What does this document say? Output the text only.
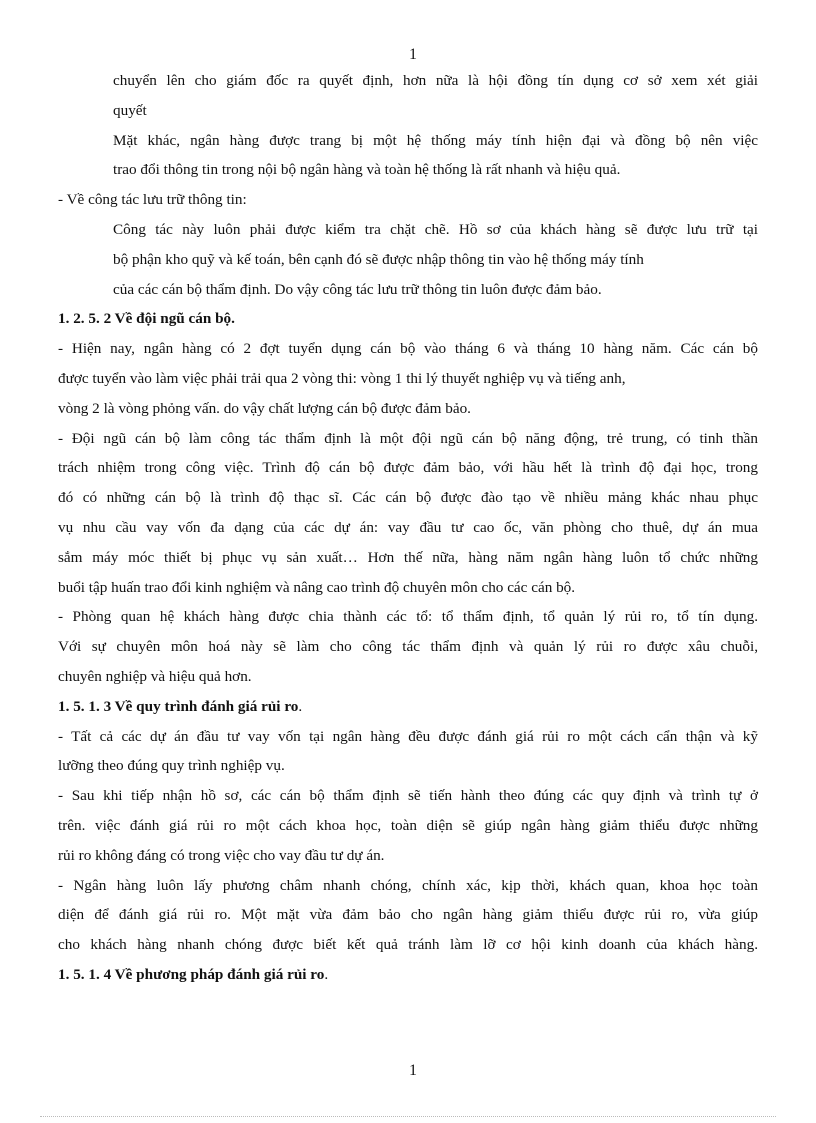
1
chuyển lên cho giám đốc ra quyết định, hơn nữa là hội đồng tín dụng cơ sở xem xét giải
quyết
Mặt khác, ngân hàng được trang bị một hệ thống máy tính hiện đại và đồng bộ nên việc
trao đổi thông tin trong nội bộ ngân hàng và toàn hệ thống là rất nhanh và hiệu quả.
- Về công tác lưu trữ thông tin:
Công tác này luôn phải được kiểm tra chặt chẽ. Hồ sơ của khách hàng sẽ được lưu trữ tại
bộ phận kho quỹ và kế toán, bên cạnh đó sẽ được nhập thông tin vào hệ thống máy tính
của các cán bộ thẩm định. Do vậy công tác lưu trữ thông tin luôn được đảm bảo.
1. 2. 5. 2 Về đội ngũ cán bộ.
- Hiện nay, ngân hàng có 2 đợt tuyển dụng cán bộ vào tháng 6 và tháng 10 hàng năm. Các cán bộ
được tuyển vào làm việc phải trải qua 2 vòng thi: vòng 1 thi lý thuyết nghiệp vụ và tiếng anh,
vòng 2 là vòng phỏng vấn. do vậy chất lượng cán bộ được đảm bảo.
- Đội ngũ cán bộ làm công tác thẩm định là một đội ngũ cán bộ năng động, trẻ trung, có tinh thần
trách nhiệm trong công việc. Trình độ cán bộ được đảm bảo, với hầu hết là trình độ đại học, trong
đó có những cán bộ là trình độ thạc sĩ. Các cán bộ được đào tạo về nhiều mảng khác nhau phục
vụ nhu cầu vay vốn đa dạng của các dự án: vay đầu tư cao ốc, văn phòng cho thuê, dự án mua
sắm máy móc thiết bị phục vụ sản xuất… Hơn thế nữa, hàng năm ngân hàng luôn tổ chức những
buổi tập huấn trao đổi kinh nghiệm và nâng cao trình độ chuyên môn cho các cán bộ.
- Phòng quan hệ khách hàng được chia thành các tổ: tổ thẩm định, tổ quản lý rủi ro, tổ tín dụng.
Với sự chuyên môn hoá này sẽ làm cho công tác thẩm định và quản lý rủi ro được xâu chuỗi,
chuyên nghiệp và hiệu quả hơn.
1. 5. 1. 3 Về quy trình đánh giá rủi ro.
- Tất cả các dự án đầu tư vay vốn tại ngân hàng đều được đánh giá rủi ro một cách cẩn thận và kỹ
lưỡng theo đúng quy trình nghiệp vụ.
- Sau khi tiếp nhận hồ sơ, các cán bộ thẩm định sẽ tiến hành theo đúng các quy định và trình tự ở
trên. việc đánh giá rủi ro một cách khoa học, toàn diện sẽ giúp ngân hàng giảm thiểu được những
rủi ro không đáng có trong việc cho vay đầu tư dự án.
- Ngân hàng luôn lấy phương châm nhanh chóng, chính xác, kịp thời, khách quan, khoa học toàn
diện để đánh giá rủi ro. Một mặt vừa đảm bảo cho ngân hàng giảm thiểu được rủi ro, vừa giúp
cho khách hàng nhanh chóng được biết kết quả tránh làm lỡ cơ hội kinh doanh của khách hàng.
1. 5. 1. 4 Về phương pháp đánh giá rủi ro.
1
